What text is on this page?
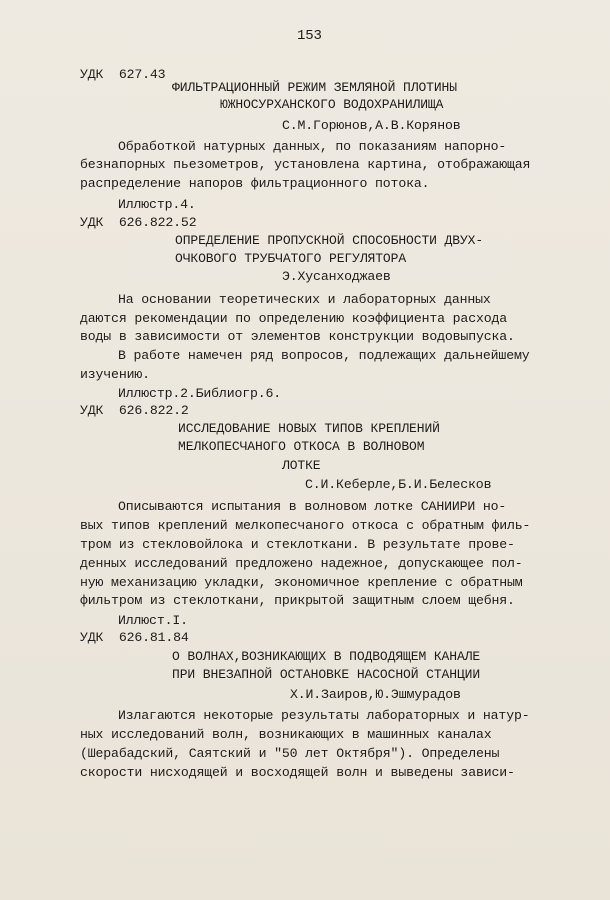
153
УДК  627.43
ФИЛЬТРАЦИОННЫЙ РЕЖИМ ЗЕМЛЯНОЙ ПЛОТИНЫ
ЮЖНОСУРХАНСКОГО ВОДОХРАНИЛИЩА
С.М.Горюнов,А.В.Корянов
Обработкой натурных данных, по показаниям напорно-
безнапорных пьезометров, установлена картина, отображающая
распределение напоров фильтрационного потока.
Иллюстр.4.
УДК  626.822.52
ОПРЕДЕЛЕНИЕ ПРОПУСКНОЙ СПОСОБНОСТИ ДВУХ-
ОЧКОВОГО ТРУБЧАТОГО РЕГУЛЯТОРА
Э.Хусанходжаев
На основании теоретических и лабораторных данных
даются рекомендации по определению коэффициента расхода
воды в зависимости от элементов конструкции водовыпуска.
В работе намечен ряд вопросов, подлежащих дальнейшему
изучению.
Иллюстр.2.Библиогр.6.
УДК  626.822.2
ИССЛЕДОВАНИЕ НОВЫХ ТИПОВ КРЕПЛЕНИЙ
МЕЛКОПЕСЧАНОГО ОТКОСА В ВОЛНОВОМ
ЛОТКЕ
С.И.Кеберле,Б.И.Белесков
Описываются испытания в волновом лотке САНИИРИ но-
вых типов креплений мелкопесчаного откоса с обратным филь-
тром из стекловойлока и стеклоткани. В результате прове-
денных исследований предложено надежное, допускающее пол-
ную механизацию укладки, экономичное крепление с обратным
фильтром из стеклоткани, прикрытой защитным слоем щебня.
Иллюст.I.
УДК  626.81.84
О ВОЛНАХ,ВОЗНИКАЮЩИХ В ПОДВОДЯЩЕМ КАНАЛЕ
ПРИ ВНЕЗАПНОЙ ОСТАНОВКЕ НАСОСНОЙ СТАНЦИИ
Х.И.Заиров,Ю.Эшмурадов
Излагаются некоторые результаты лабораторных и натур-
ных исследований волн, возникающих в машинных каналах
(Шерабадский, Саятский и "50 лет Октября"). Определены
скорости нисходящей и восходящей волн и выведены зависи-
